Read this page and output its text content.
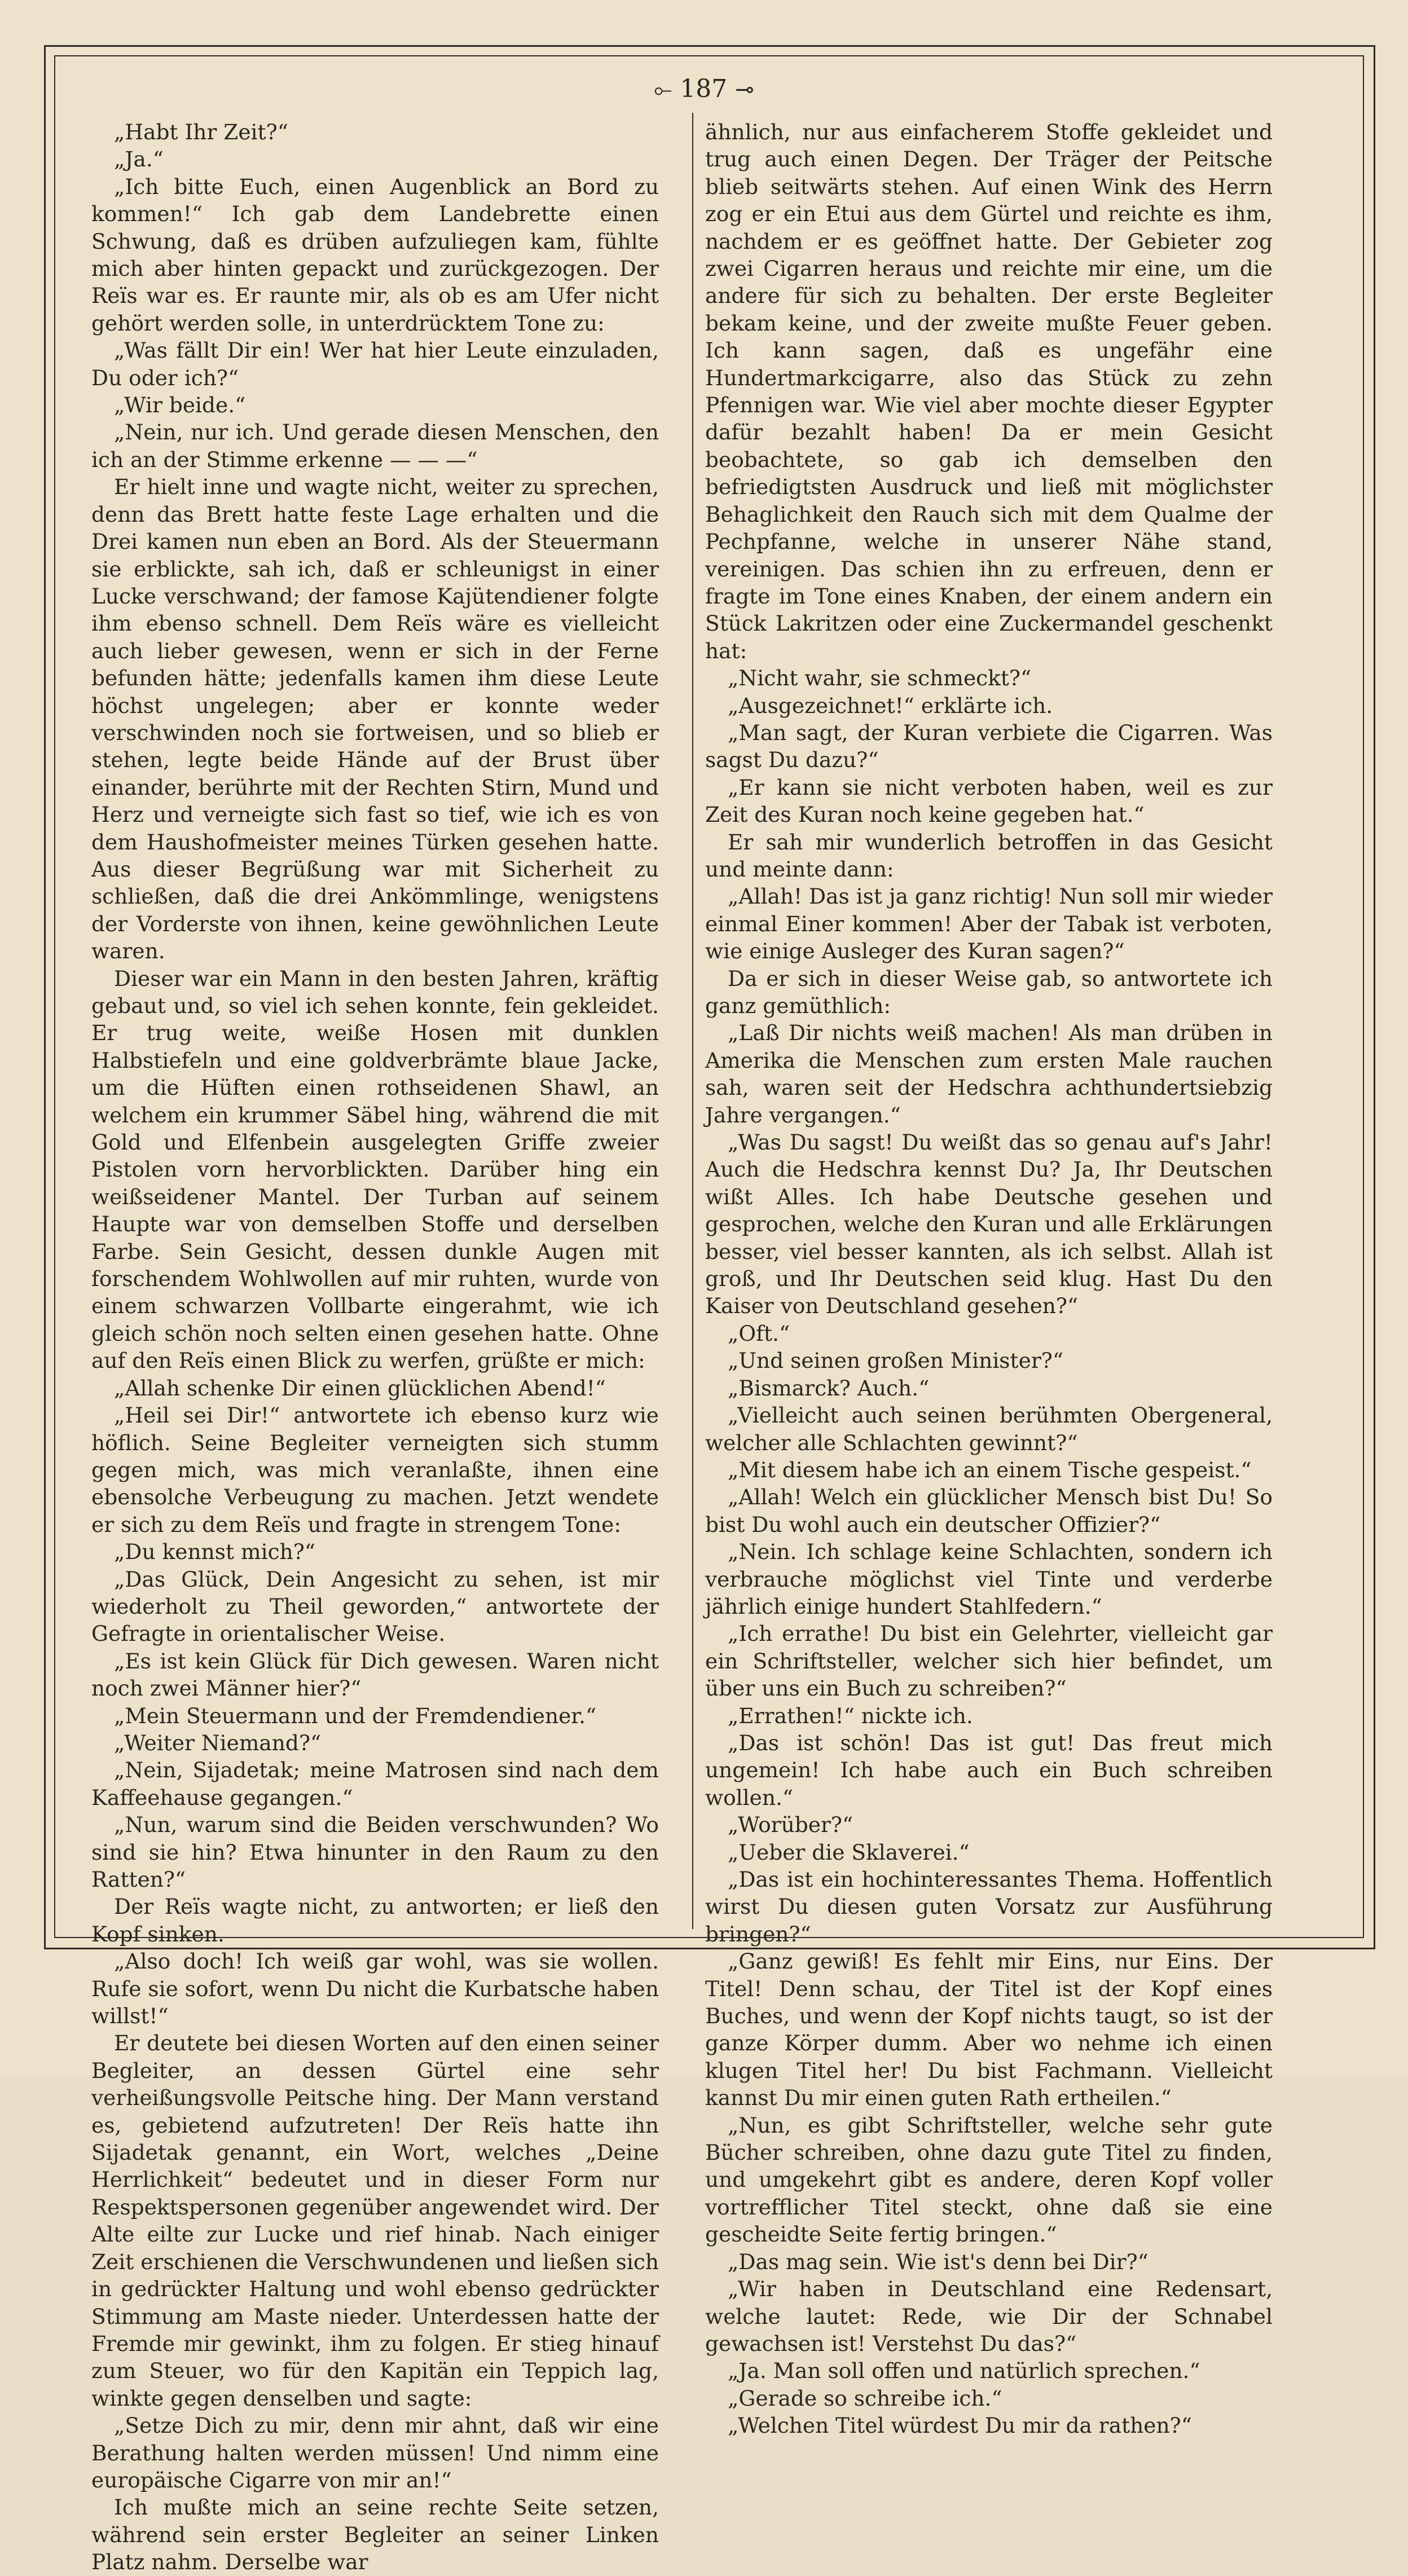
⟜ 187 ⊸

„Habt Ihr Zeit?“

„Ja.“

„Ich bitte Euch, einen Augenblick an Bord zu kommen!“ Ich gab dem Landebrette einen Schwung, daß es drüben aufzuliegen kam, fühlte mich aber hinten gepackt und zurückgezogen. Der Reïs war es. Er raunte mir, als ob es am Ufer nicht gehört werden solle, in unterdrücktem Tone zu:

„Was fällt Dir ein! Wer hat hier Leute einzuladen, Du oder ich?“

„Wir beide.“

„Nein, nur ich. Und gerade diesen Menschen, den ich an der Stimme erkenne — — —“

Er hielt inne und wagte nicht, weiter zu sprechen, denn das Brett hatte feste Lage erhalten und die Drei kamen nun eben an Bord. Als der Steuermann sie erblickte, sah ich, daß er schleunigst in einer Lucke verschwand; der famose Kajütendiener folgte ihm ebenso schnell. Dem Reïs wäre es vielleicht auch lieber gewesen, wenn er sich in der Ferne befunden hätte; jedenfalls kamen ihm diese Leute höchst ungelegen; aber er konnte weder verschwinden noch sie fortweisen, und so blieb er stehen, legte beide Hände auf der Brust über einander, berührte mit der Rechten Stirn, Mund und Herz und verneigte sich fast so tief, wie ich es von dem Haushofmeister meines Türken gesehen hatte. Aus dieser Begrüßung war mit Sicherheit zu schließen, daß die drei Ankömmlinge, wenigstens der Vorderste von ihnen, keine gewöhnlichen Leute waren.

Dieser war ein Mann in den besten Jahren, kräftig gebaut und, so viel ich sehen konnte, fein gekleidet. Er trug weite, weiße Hosen mit dunklen Halbstiefeln und eine goldverbrämte blaue Jacke, um die Hüften einen rothseidenen Shawl, an welchem ein krummer Säbel hing, während die mit Gold und Elfenbein ausgelegten Griffe zweier Pistolen vorn hervorblickten. Darüber hing ein weißseidener Mantel. Der Turban auf seinem Haupte war von demselben Stoffe und derselben Farbe. Sein Gesicht, dessen dunkle Augen mit forschendem Wohlwollen auf mir ruhten, wurde von einem schwarzen Vollbarte eingerahmt, wie ich gleich schön noch selten einen gesehen hatte. Ohne auf den Reïs einen Blick zu werfen, grüßte er mich:

„Allah schenke Dir einen glücklichen Abend!“

„Heil sei Dir!“ antwortete ich ebenso kurz wie höflich. Seine Begleiter verneigten sich stumm gegen mich, was mich veranlaßte, ihnen eine ebensolche Verbeugung zu machen. Jetzt wendete er sich zu dem Reïs und fragte in strengem Tone:

„Du kennst mich?“

„Das Glück, Dein Angesicht zu sehen, ist mir wiederholt zu Theil geworden,“ antwortete der Gefragte in orientalischer Weise.

„Es ist kein Glück für Dich gewesen. Waren nicht noch zwei Männer hier?“

„Mein Steuermann und der Fremdendiener.“

„Weiter Niemand?“

„Nein, Sijadetak; meine Matrosen sind nach dem Kaffeehause gegangen.“

„Nun, warum sind die Beiden verschwunden? Wo sind sie hin? Etwa hinunter in den Raum zu den Ratten?“

Der Reïs wagte nicht, zu antworten; er ließ den Kopf sinken.

„Also doch! Ich weiß gar wohl, was sie wollen. Rufe sie sofort, wenn Du nicht die Kurbatsche haben willst!“

Er deutete bei diesen Worten auf den einen seiner Begleiter, an dessen Gürtel eine sehr verheißungsvolle Peitsche hing. Der Mann verstand es, gebietend aufzutreten! Der Reïs hatte ihn Sijadetak genannt, ein Wort, welches „Deine Herrlichkeit“ bedeutet und in dieser Form nur Respektspersonen gegenüber angewendet wird. Der Alte eilte zur Lucke und rief hinab. Nach einiger Zeit erschienen die Verschwundenen und ließen sich in gedrückter Haltung und wohl ebenso gedrückter Stimmung am Maste nieder. Unterdessen hatte der Fremde mir gewinkt, ihm zu folgen. Er stieg hinauf zum Steuer, wo für den Kapitän ein Teppich lag, winkte gegen denselben und sagte:

„Setze Dich zu mir, denn mir ahnt, daß wir eine Berathung halten werden müssen! Und nimm eine europäische Cigarre von mir an!“

Ich mußte mich an seine rechte Seite setzen, während sein erster Begleiter an seiner Linken Platz nahm. Derselbe war

ähnlich, nur aus einfacherem Stoffe gekleidet und trug auch einen Degen. Der Träger der Peitsche blieb seitwärts stehen. Auf einen Wink des Herrn zog er ein Etui aus dem Gürtel und reichte es ihm, nachdem er es geöffnet hatte. Der Gebieter zog zwei Cigarren heraus und reichte mir eine, um die andere für sich zu behalten. Der erste Begleiter bekam keine, und der zweite mußte Feuer geben. Ich kann sagen, daß es ungefähr eine Hundertmarkcigarre, also das Stück zu zehn Pfennigen war. Wie viel aber mochte dieser Egypter dafür bezahlt haben! Da er mein Gesicht beobachtete, so gab ich demselben den befriedigtsten Ausdruck und ließ mit möglichster Behaglichkeit den Rauch sich mit dem Qualme der Pechpfanne, welche in unserer Nähe stand, vereinigen. Das schien ihn zu erfreuen, denn er fragte im Tone eines Knaben, der einem andern ein Stück Lakritzen oder eine Zuckermandel geschenkt hat:

„Nicht wahr, sie schmeckt?“

„Ausgezeichnet!“ erklärte ich.

„Man sagt, der Kuran verbiete die Cigarren. Was sagst Du dazu?“

„Er kann sie nicht verboten haben, weil es zur Zeit des Kuran noch keine gegeben hat.“

Er sah mir wunderlich betroffen in das Gesicht und meinte dann:

„Allah! Das ist ja ganz richtig! Nun soll mir wieder einmal Einer kommen! Aber der Tabak ist verboten, wie einige Ausleger des Kuran sagen?“

Da er sich in dieser Weise gab, so antwortete ich ganz gemüthlich:

„Laß Dir nichts weiß machen! Als man drüben in Amerika die Menschen zum ersten Male rauchen sah, waren seit der Hedschra achthundertsiebzig Jahre vergangen.“

„Was Du sagst! Du weißt das so genau auf's Jahr! Auch die Hedschra kennst Du? Ja, Ihr Deutschen wißt Alles. Ich habe Deutsche gesehen und gesprochen, welche den Kuran und alle Erklärungen besser, viel besser kannten, als ich selbst. Allah ist groß, und Ihr Deutschen seid klug. Hast Du den Kaiser von Deutschland gesehen?“

„Oft.“

„Und seinen großen Minister?“

„Bismarck? Auch.“

„Vielleicht auch seinen berühmten Obergeneral, welcher alle Schlachten gewinnt?“

„Mit diesem habe ich an einem Tische gespeist.“

„Allah! Welch ein glücklicher Mensch bist Du! So bist Du wohl auch ein deutscher Offizier?“

„Nein. Ich schlage keine Schlachten, sondern ich verbrauche möglichst viel Tinte und verderbe jährlich einige hundert Stahlfedern.“

„Ich errathe! Du bist ein Gelehrter, vielleicht gar ein Schriftsteller, welcher sich hier befindet, um über uns ein Buch zu schreiben?“

„Errathen!“ nickte ich.

„Das ist schön! Das ist gut! Das freut mich ungemein! Ich habe auch ein Buch schreiben wollen.“

„Worüber?“

„Ueber die Sklaverei.“

„Das ist ein hochinteressantes Thema. Hoffentlich wirst Du diesen guten Vorsatz zur Ausführung bringen?“

„Ganz gewiß! Es fehlt mir Eins, nur Eins. Der Titel! Denn schau, der Titel ist der Kopf eines Buches, und wenn der Kopf nichts taugt, so ist der ganze Körper dumm. Aber wo nehme ich einen klugen Titel her! Du bist Fachmann. Vielleicht kannst Du mir einen guten Rath ertheilen.“

„Nun, es gibt Schriftsteller, welche sehr gute Bücher schreiben, ohne dazu gute Titel zu finden, und umgekehrt gibt es andere, deren Kopf voller vortrefflicher Titel steckt, ohne daß sie eine gescheidte Seite fertig bringen.“

„Das mag sein. Wie ist's denn bei Dir?“

„Wir haben in Deutschland eine Redensart, welche lautet: Rede, wie Dir der Schnabel gewachsen ist! Verstehst Du das?“

„Ja. Man soll offen und natürlich sprechen.“

„Gerade so schreibe ich.“

„Welchen Titel würdest Du mir da rathen?“
